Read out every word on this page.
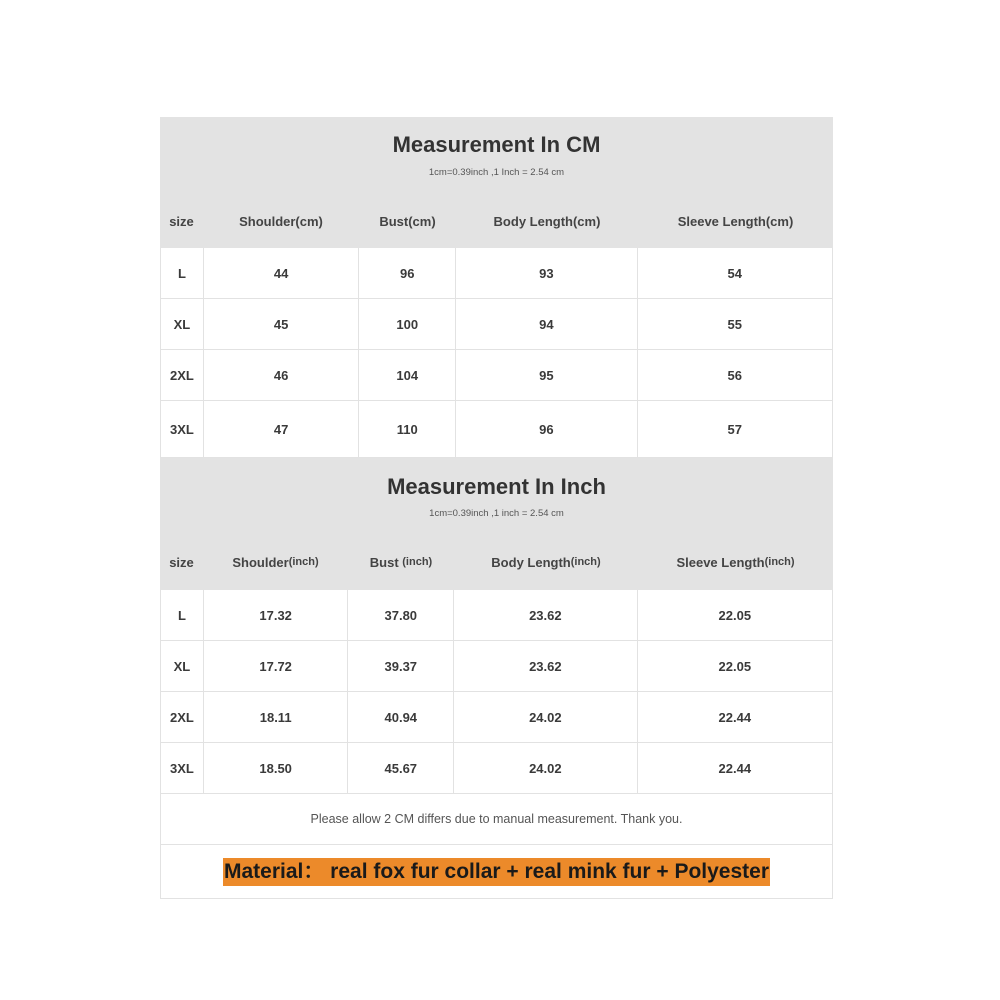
Measurement In CM
1cm=0.39inch ,1 Inch = 2.54 cm
size	Shoulder(cm)	Bust(cm)	Body Length(cm)	Sleeve Length(cm)
L	44	96	93	54
XL	45	100	94	55
2XL	46	104	95	56
3XL	47	110	96	57
Measurement In Inch
1cm=0.39inch ,1 inch = 2.54 cm
size	Shoulder (inch)	Bust (inch)	Body Length (inch)	Sleeve Length (inch)
L	17.32	37.80	23.62	22.05
XL	17.72	39.37	23.62	22.05
2XL	18.11	40.94	24.02	22.44
3XL	18.50	45.67	24.02	22.44
Please allow 2 CM differs due to manual measurement. Thank you.
Material： real fox fur collar + real mink fur + Polyester
